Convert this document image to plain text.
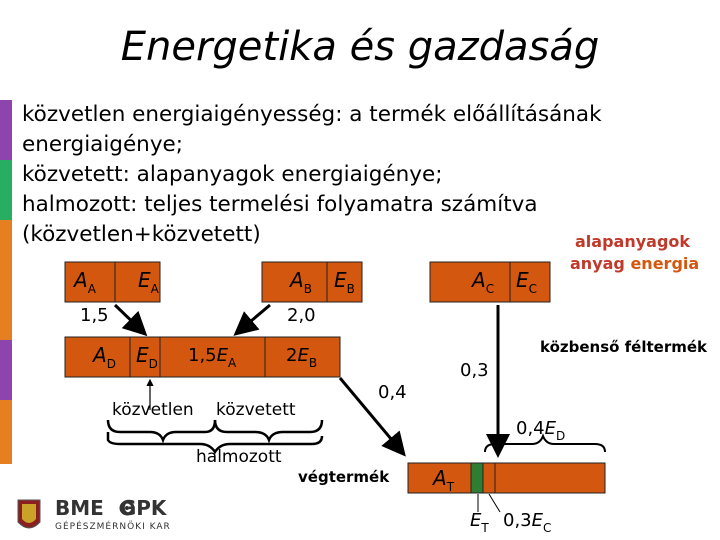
Energetika és gazdaság
közvetlen energiaigényesség: a termék előállításának
energiaigénye;
közvetett: alapanyagok energiaigénye;
halmozott: teljes termelési folyamatra számítva
(közvetlen+közvetett)
$A_A$ $E_A$	$A_B$ $E_B$	$A_C$ $E_C$
alapanyagok
anyag energia
1,5	2,0
$A_D$ $E_D$ $1,5E_A$	$2E_B$
közbenső féltermék
0,3
0,4
$0,4E_D$
közvetlen közvetett
halmozott
végtermék $A_T$
$E_T$ $0,3E_C$
BME GPK
GÉPÉSZMÉRNÖKI KAR
